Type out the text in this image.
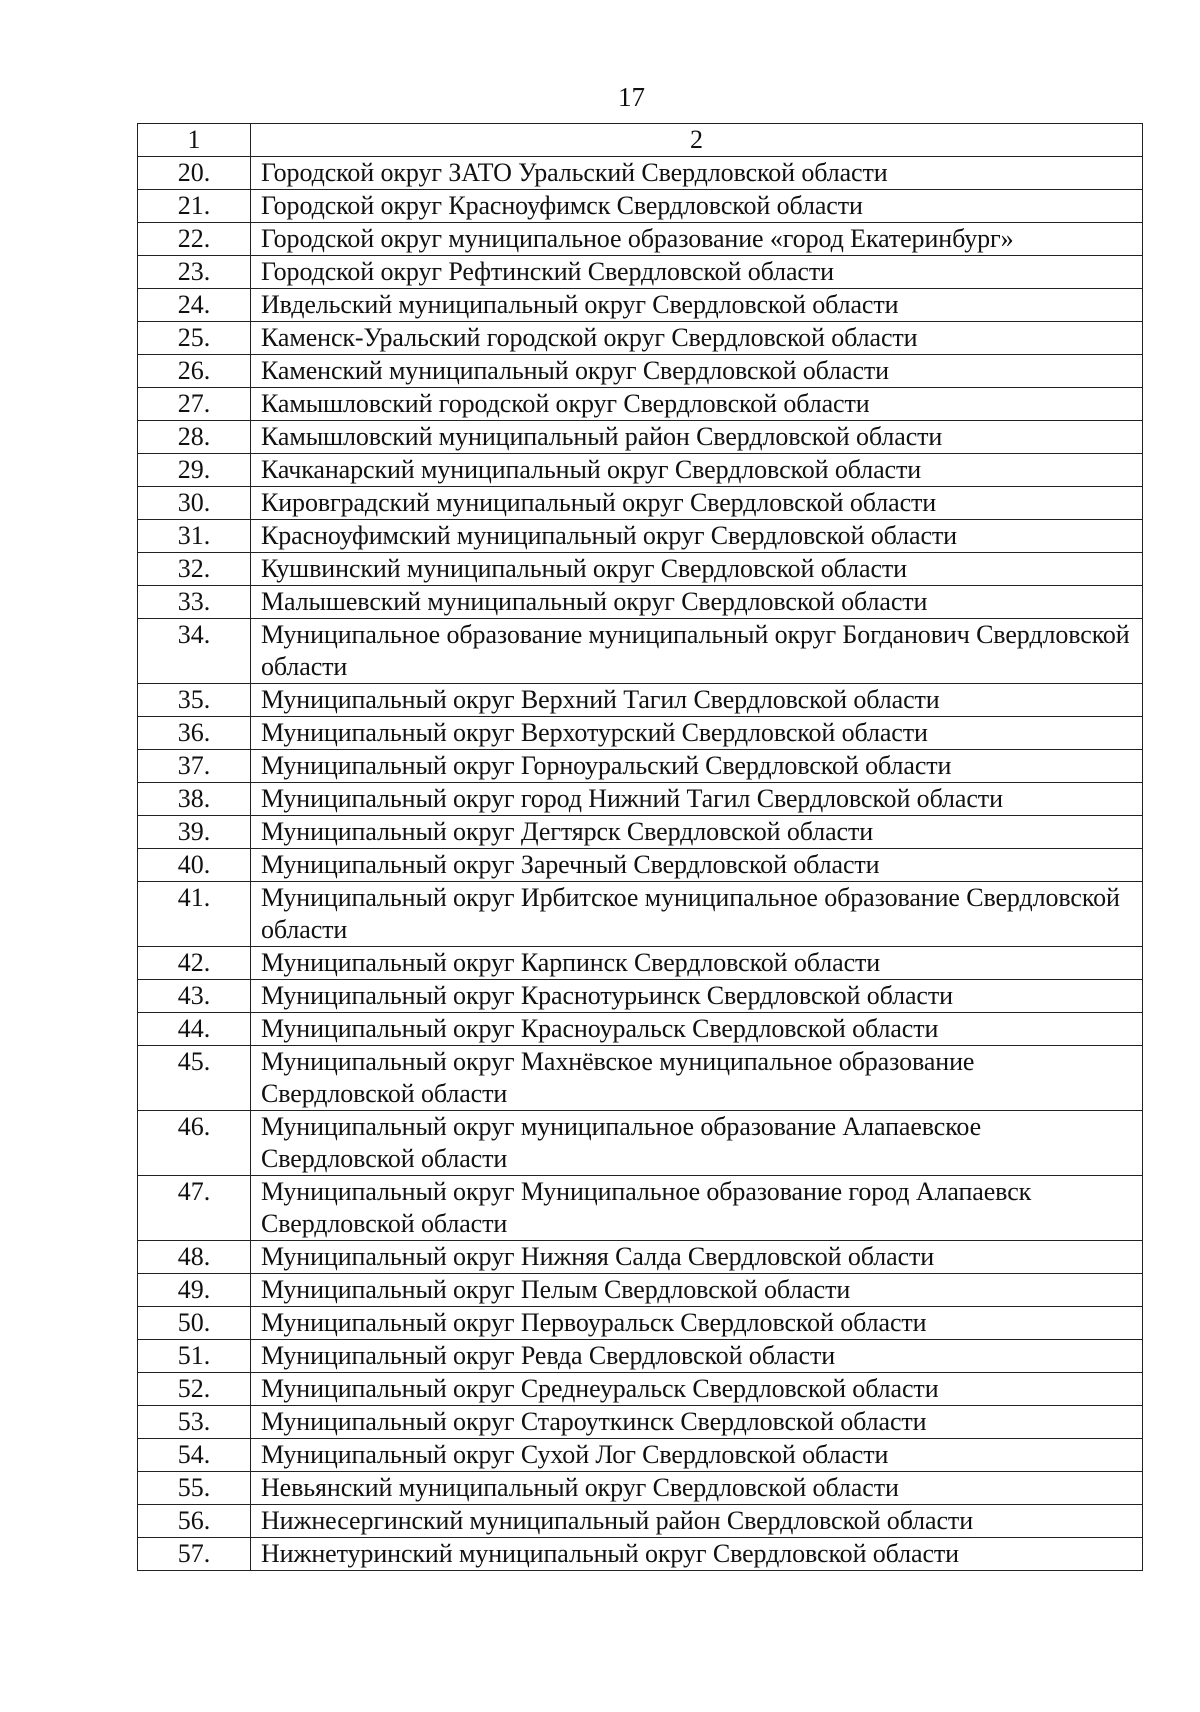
17
1	2
20.	Городской округ ЗАТО Уральский Свердловской области
21.	Городской округ Красноуфимск Свердловской области
22.	Городской округ муниципальное образование «город Екатеринбург»
23.	Городской округ Рефтинский Свердловской области
24.	Ивдельский муниципальный округ Свердловской области
25.	Каменск-Уральский городской округ Свердловской области
26.	Каменский муниципальный округ Свердловской области
27.	Камышловский городской округ Свердловской области
28.	Камышловский муниципальный район Свердловской области
29.	Качканарский муниципальный округ Свердловской области
30.	Кировградский муниципальный округ Свердловской области
31.	Красноуфимский муниципальный округ Свердловской области
32.	Кушвинский муниципальный округ Свердловской области
33.	Малышевский муниципальный округ Свердловской области
34.	Муниципальное образование муниципальный округ Богданович Свердловской области
35.	Муниципальный округ Верхний Тагил Свердловской области
36.	Муниципальный округ Верхотурский Свердловской области
37.	Муниципальный округ Горноуральский Свердловской области
38.	Муниципальный округ город Нижний Тагил Свердловской области
39.	Муниципальный округ Дегтярск Свердловской области
40.	Муниципальный округ Заречный Свердловской области
41.	Муниципальный округ Ирбитское муниципальное образование Свердловской области
42.	Муниципальный округ Карпинск Свердловской области
43.	Муниципальный округ Краснотурьинск Свердловской области
44.	Муниципальный округ Красноуральск Свердловской области
45.	Муниципальный округ Махнёвское муниципальное образование Свердловской области
46.	Муниципальный округ муниципальное образование Алапаевское Свердловской области
47.	Муниципальный округ Муниципальное образование город Алапаевск Свердловской области
48.	Муниципальный округ Нижняя Салда Свердловской области
49.	Муниципальный округ Пелым Свердловской области
50.	Муниципальный округ Первоуральск Свердловской области
51.	Муниципальный округ Ревда Свердловской области
52.	Муниципальный округ Среднеуральск Свердловской области
53.	Муниципальный округ Староуткинск Свердловской области
54.	Муниципальный округ Сухой Лог Свердловской области
55.	Невьянский муниципальный округ Свердловской области
56.	Нижнесергинский муниципальный район Свердловской области
57.	Нижнетуринский муниципальный округ Свердловской области
